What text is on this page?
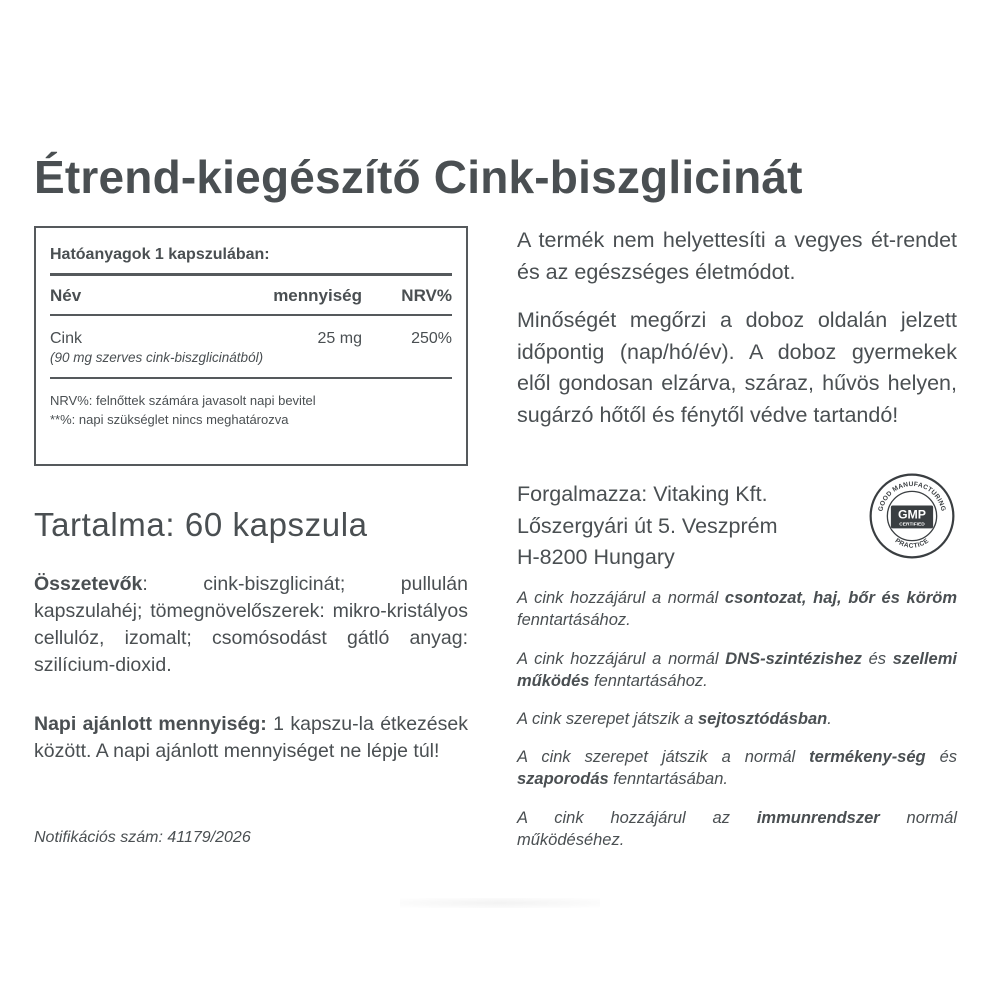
Étrend-kiegészítő Cink-biszglicinát
Hatóanyagok 1 kapszulában:
Név	mennyiség	NRV%
Cink	25 mg	250%
(90 mg szerves cink-biszglicinátból)
NRV%: felnőttek számára javasolt napi bevitel
**%: napi szükséglet nincs meghatározva
Tartalma: 60 kapszula
Összetevők: cink-biszglicinát; pullulán kapszulahéj; tömegnövelőszerek: mikro-kristályos cellulóz, izomalt; csomósodást gátló anyag: szilícium-dioxid.
Napi ajánlott mennyiség: 1 kapszu-la étkezések között. A napi ajánlott mennyiséget ne lépje túl!
Notifikációs szám: 41179/2026
A termék nem helyettesíti a vegyes ét-rendet és az egészséges életmódot.
Minőségét megőrzi a doboz oldalán jelzett időpontig (nap/hó/év). A doboz gyermekek elől gondosan elzárva, száraz, hűvös helyen, sugárzó hőtől és fénytől védve tartandó!
Forgalmazza: Vitaking Kft.
Lőszergyári út 5. Veszprém
H-8200 Hungary
GOOD MANUFACTURING
PRACTICE
GMP
CERTIFIED
A cink hozzájárul a normál csontozat, haj, bőr és köröm fenntartásához.
A cink hozzájárul a normál DNS-szintézishez és szellemi működés fenntartásához.
A cink szerepet játszik a sejtosztódásban.
A cink szerepet játszik a normál termékeny-ség és szaporodás fenntartásában.
A cink hozzájárul az immunrendszer normál működéséhez.
